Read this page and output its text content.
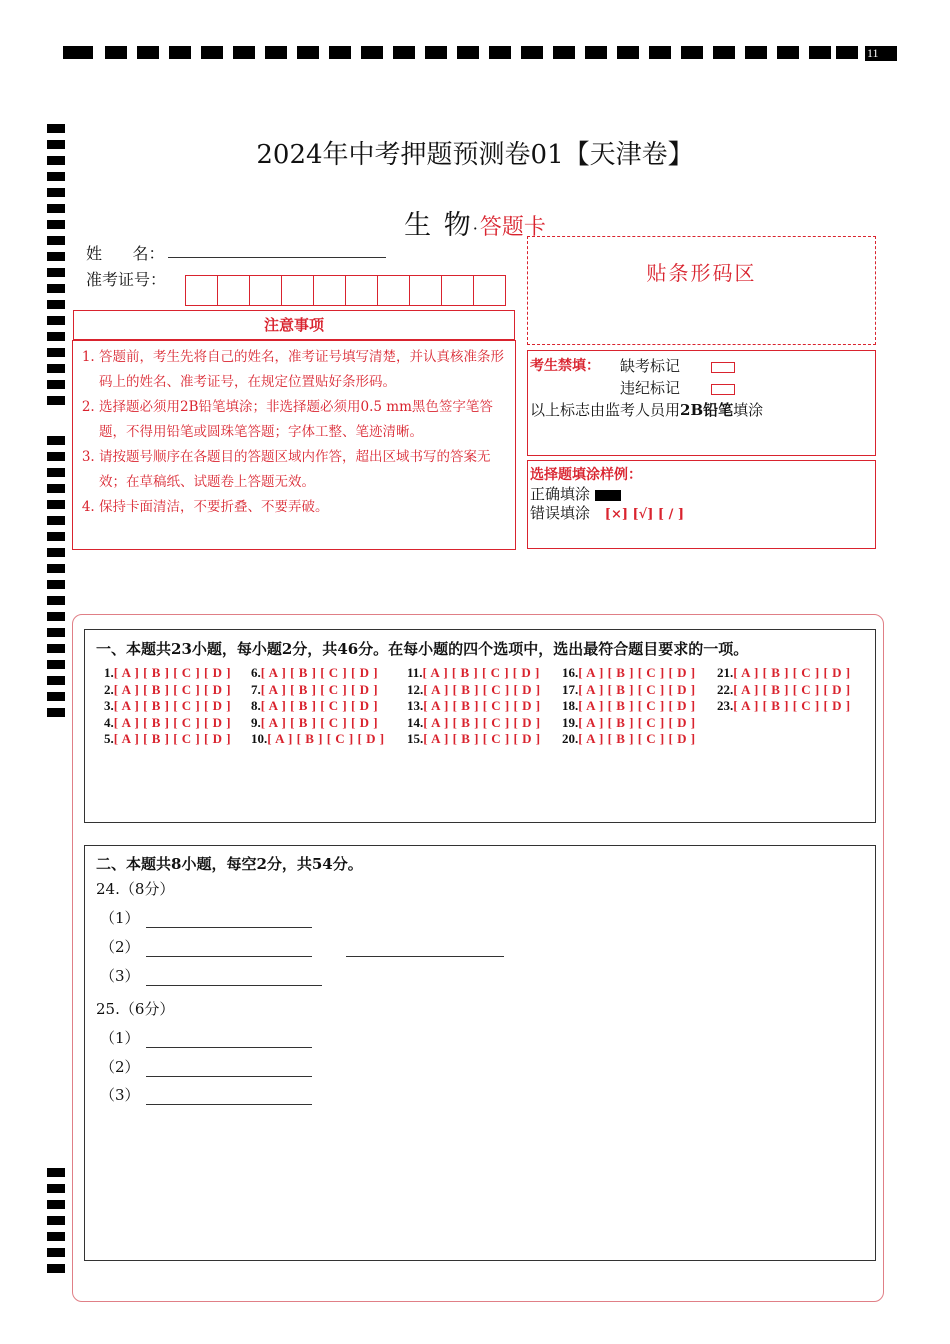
11
2024年中考押题预测卷01【天津卷】
生 物·答题卡
姓      名：
准考证号：	贴条形码区
注意事项
1. 答题前，考生先将自己的姓名，准考证号填写清楚，并认真核准条形码上的姓名、准考证号，在规定位置贴好条形码。
2. 选择题必须用2B铅笔填涂；非选择题必须用0.5 mm黑色签字笔答题，不得用铅笔或圆珠笔答题；字体工整、笔迹清晰。
3. 请按题号顺序在各题目的答题区域内作答，超出区域书写的答案无效；在草稿纸、试题卷上答题无效。
4. 保持卡面清洁，不要折叠、不要弄破。
考生禁填： 缺考标记
违纪标记
以上标志由监考人员用2B铅笔填涂
选择题填涂样例：
正确填涂
错误填涂 [×] [√] [ / ]
一、本题共23小题，每小题2分，共46分。在每小题的四个选项中，选出最符合题目要求的一项。
1.[ A ] [ B ] [ C ] [ D ]
2.[ A ] [ B ] [ C ] [ D ]
3.[ A ] [ B ] [ C ] [ D ]
4.[ A ] [ B ] [ C ] [ D ]
5.[ A ] [ B ] [ C ] [ D ]
6.[ A ] [ B ] [ C ] [ D ]
7.[ A ] [ B ] [ C ] [ D ]
8.[ A ] [ B ] [ C ] [ D ]
9.[ A ] [ B ] [ C ] [ D ]
10.[ A ] [ B ] [ C ] [ D ]
11.[ A ] [ B ] [ C ] [ D ]
12.[ A ] [ B ] [ C ] [ D ]
13.[ A ] [ B ] [ C ] [ D ]
14.[ A ] [ B ] [ C ] [ D ]
15.[ A ] [ B ] [ C ] [ D ]
16.[ A ] [ B ] [ C ] [ D ]
17.[ A ] [ B ] [ C ] [ D ]
18.[ A ] [ B ] [ C ] [ D ]
19.[ A ] [ B ] [ C ] [ D ]
20.[ A ] [ B ] [ C ] [ D ]
21.[ A ] [ B ] [ C ] [ D ]
22.[ A ] [ B ] [ C ] [ D ]
23.[ A ] [ B ] [ C ] [ D ]
二、本题共8小题，每空2分，共54分。
24.（8分）
（1）
（2）
（3）
25.（6分）
（1）
（2）
（3）
